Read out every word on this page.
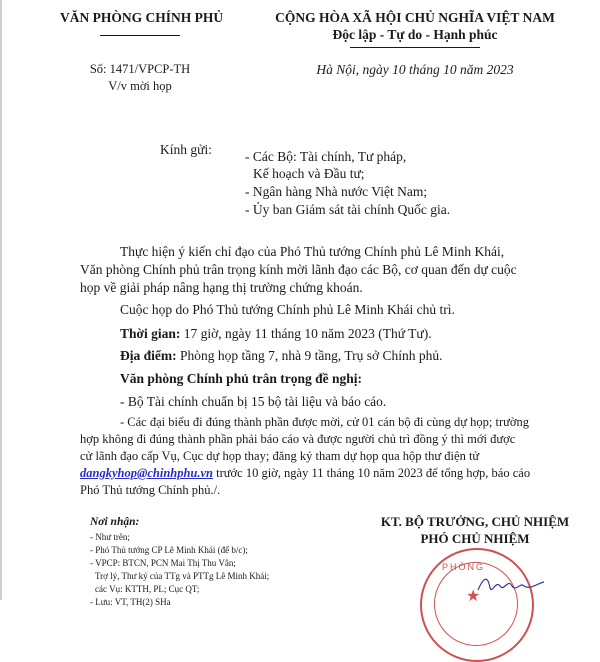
VĂN PHÒNG CHÍNH PHỦ
Số: 1471/VPCP-TH
V/v mời họp
CỘNG HÒA XÃ HỘI CHỦ NGHĨA VIỆT NAM
Độc lập - Tự do - Hạnh phúc
Hà Nội, ngày 10 tháng 10 năm 2023
Kính gửi: - Các Bộ: Tài chính, Tư pháp,
Kế hoạch và Đầu tư;
- Ngân hàng Nhà nước Việt Nam;
- Ủy ban Giám sát tài chính Quốc gia.
Thực hiện ý kiến chỉ đạo của Phó Thủ tướng Chính phủ Lê Minh Khái,
Văn phòng Chính phủ trân trọng kính mời lãnh đạo các Bộ, cơ quan đến dự cuộc
họp về giải pháp nâng hạng thị trường chứng khoán.
Cuộc họp do Phó Thủ tướng Chính phủ Lê Minh Khái chủ trì.
Thời gian: 17 giờ, ngày 11 tháng 10 năm 2023 (Thứ Tư).
Địa điểm: Phòng họp tầng 7, nhà 9 tầng, Trụ sở Chính phủ.
Văn phòng Chính phủ trân trọng đề nghị:
- Bộ Tài chính chuẩn bị 15 bộ tài liệu và báo cáo.
- Các đại biểu đi đúng thành phần được mời, cử 01 cán bộ đi cùng dự họp; trường
hợp không đi đúng thành phần phải báo cáo và được người chủ trì đồng ý thì mới được
cử lãnh đạo cấp Vụ, Cục dự họp thay; đăng ký tham dự họp qua hộp thư điện tử
dangkyhop@chinhphu.vn trước 10 giờ, ngày 11 tháng 10 năm 2023 để tổng hợp, báo cáo
Phó Thủ tướng Chính phủ./.
Nơi nhận:
- Như trên;
- Phó Thủ tướng CP Lê Minh Khái (để b/c);
- VPCP: BTCN, PCN Mai Thị Thu Vân;
Trợ lý, Thư ký của TTg và PTTg Lê Minh Khái;
các Vụ: KTTH, PL; Cục QT;
- Lưu: VT, TH(2) SHa
KT. BỘ TRƯỞNG, CHỦ NHIỆM
PHÓ CHỦ NHIỆM
PHÒNG
★
